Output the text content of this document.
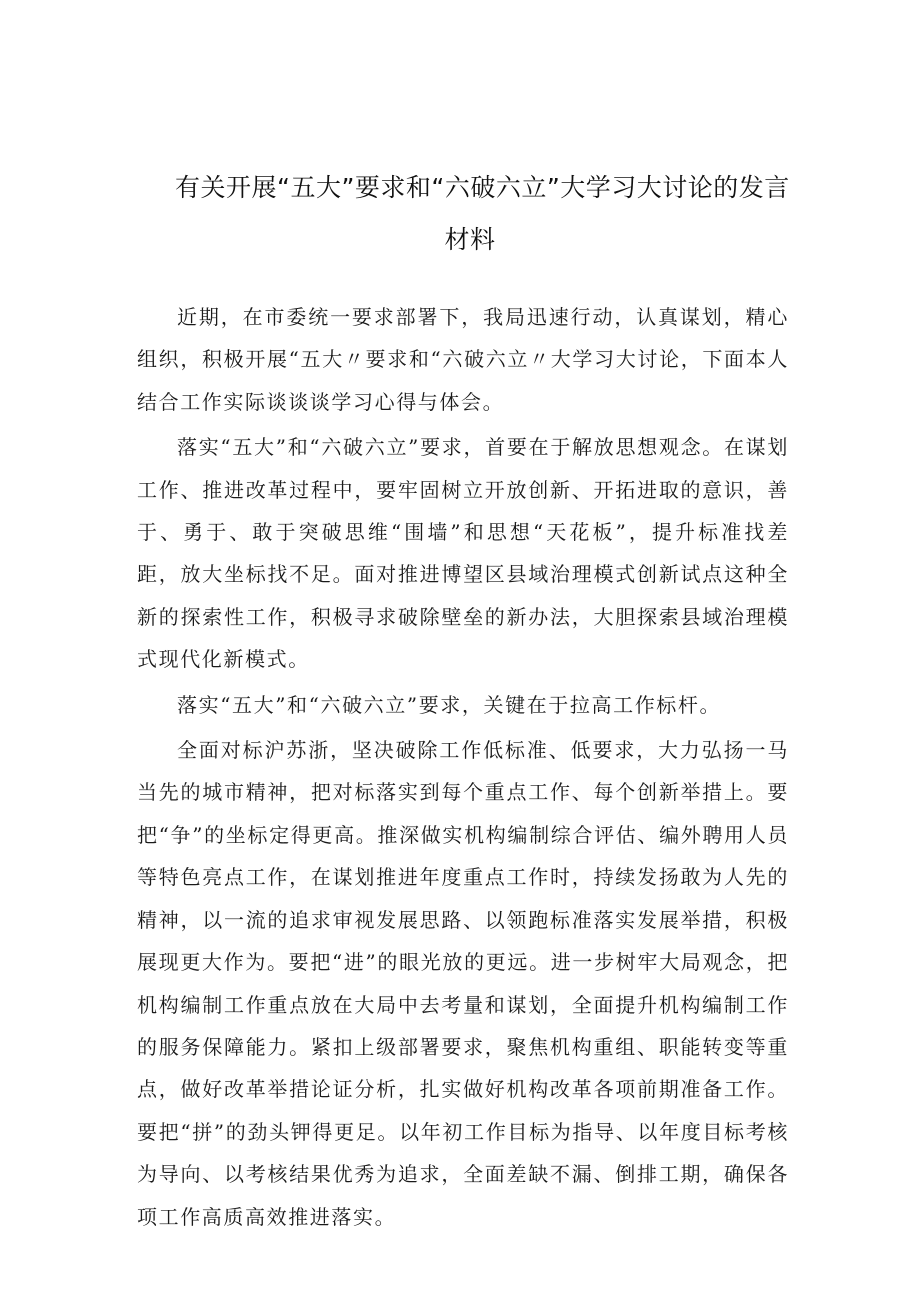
有关开展“五大”要求和“六破六立”大学习大讨论的发言
材料

近期，在市委统一要求部署下，我局迅速行动，认真谋划，精心组织，积极开展“五大〃要求和“六破六立〃大学习大讨论，下面本人结合工作实际谈谈谈学习心得与体会。

落实“五大”和“六破六立”要求，首要在于解放思想观念。在谋划工作、推进改革过程中，要牢固树立开放创新、开拓进取的意识，善于、勇于、敢于突破思维“围墙”和思想“天花板”，提升标准找差距，放大坐标找不足。面对推进博望区县域治理模式创新试点这种全新的探索性工作，积极寻求破除壁垒的新办法，大胆探索县域治理模式现代化新模式。

落实“五大”和“六破六立”要求，关键在于拉高工作标杆。

全面对标沪苏浙，坚决破除工作低标准、低要求，大力弘扬一马当先的城市精神，把对标落实到每个重点工作、每个创新举措上。要把“争”的坐标定得更高。推深做实机构编制综合评估、编外聘用人员等特色亮点工作，在谋划推进年度重点工作时，持续发扬敢为人先的精神，以一流的追求审视发展思路、以领跑标准落实发展举措，积极展现更大作为。要把“进”的眼光放的更远。进一步树牢大局观念，把机构编制工作重点放在大局中去考量和谋划，全面提升机构编制工作的服务保障能力。紧扣上级部署要求，聚焦机构重组、职能转变等重点，做好改革举措论证分析，扎实做好机构改革各项前期准备工作。要把“拼”的劲头钾得更足。以年初工作目标为指导、以年度目标考核为导向、以考核结果优秀为追求，全面差缺不漏、倒排工期，确保各项工作高质高效推进落实。
